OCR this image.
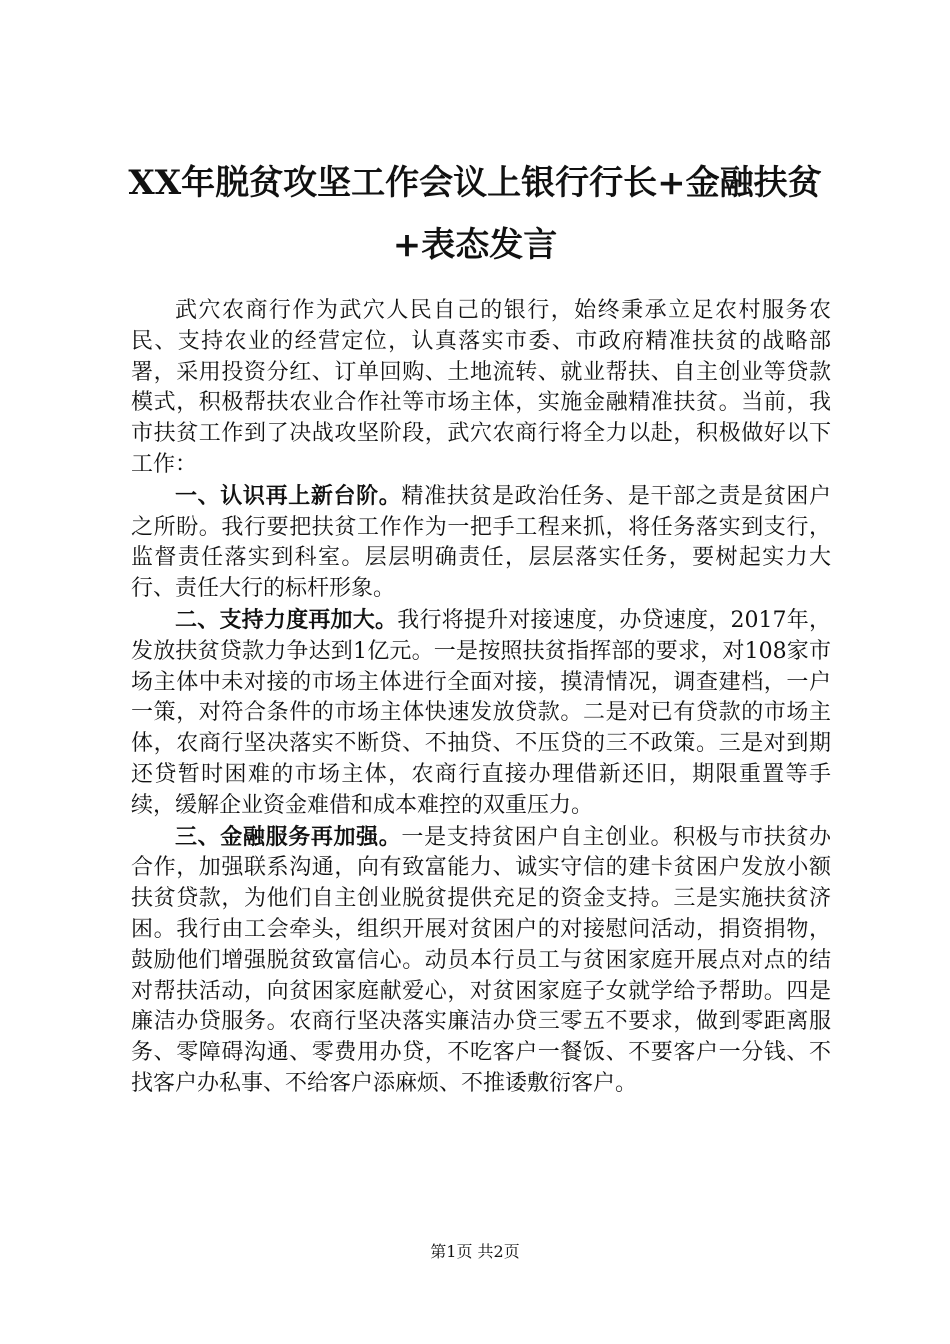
XX年脱贫攻坚工作会议上银行行长+金融扶贫
+表态发言

武穴农商行作为武穴人民自己的银行，始终秉承立足农村服务农民、支持农业的经营定位，认真落实市委、市政府精准扶贫的战略部署，采用投资分红、订单回购、土地流转、就业帮扶、自主创业等贷款模式，积极帮扶农业合作社等市场主体，实施金融精准扶贫。当前，我市扶贫工作到了决战攻坚阶段，武穴农商行将全力以赴，积极做好以下工作：

一、认识再上新台阶。精准扶贫是政治任务、是干部之责是贫困户之所盼。我行要把扶贫工作作为一把手工程来抓，将任务落实到支行，监督责任落实到科室。层层明确责任，层层落实任务，要树起实力大行、责任大行的标杆形象。

二、支持力度再加大。我行将提升对接速度，办贷速度，2017年，发放扶贫贷款力争达到1亿元。一是按照扶贫指挥部的要求，对108家市场主体中未对接的市场主体进行全面对接，摸清情况，调查建档，一户一策，对符合条件的市场主体快速发放贷款。二是对已有贷款的市场主体，农商行坚决落实不断贷、不抽贷、不压贷的三不政策。三是对到期还贷暂时困难的市场主体，农商行直接办理借新还旧，期限重置等手续，缓解企业资金难借和成本难控的双重压力。

三、金融服务再加强。一是支持贫困户自主创业。积极与市扶贫办合作，加强联系沟通，向有致富能力、诚实守信的建卡贫困户发放小额扶贫贷款，为他们自主创业脱贫提供充足的资金支持。三是实施扶贫济困。我行由工会牵头，组织开展对贫困户的对接慰问活动，捐资捐物，鼓励他们增强脱贫致富信心。动员本行员工与贫困家庭开展点对点的结对帮扶活动，向贫困家庭献爱心，对贫困家庭子女就学给予帮助。四是廉洁办贷服务。农商行坚决落实廉洁办贷三零五不要求，做到零距离服务、零障碍沟通、零费用办贷，不吃客户一餐饭、不要客户一分钱、不找客户办私事、不给客户添麻烦、不推诿敷衍客户。

第1页 共2页
